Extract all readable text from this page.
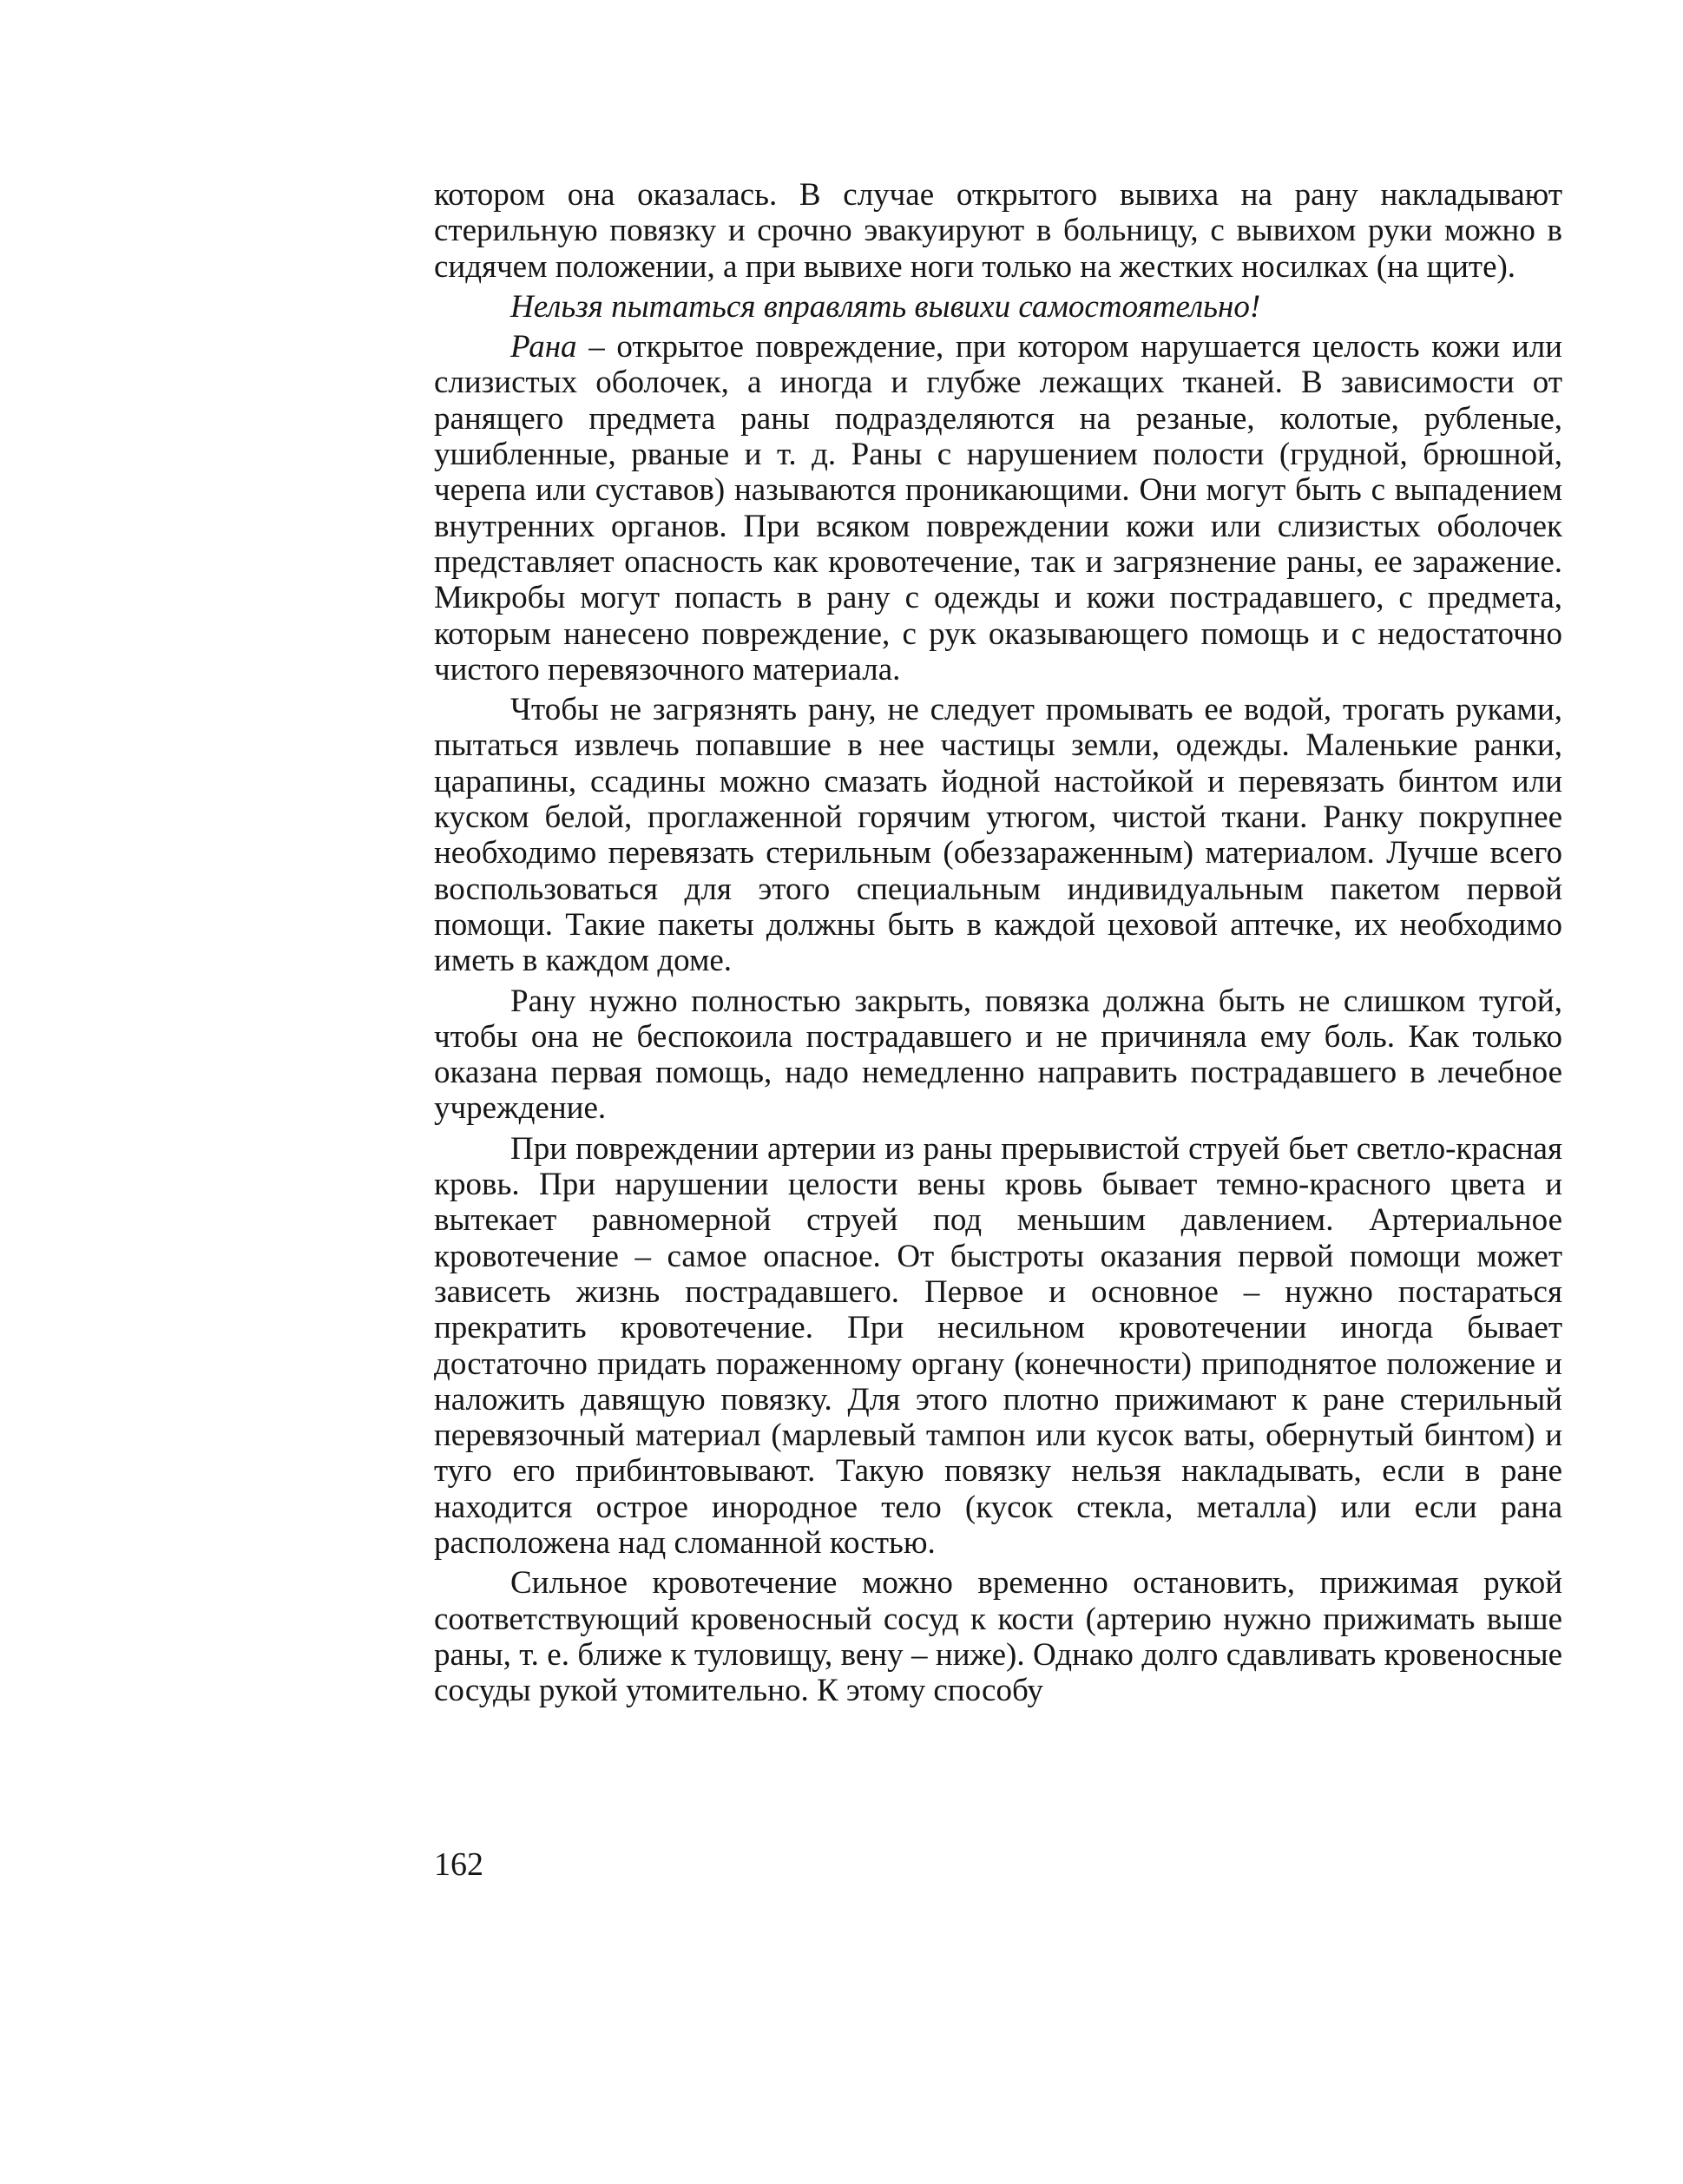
котором она оказалась. В случае открытого вывиха на рану накладывают стерильную повязку и срочно эвакуируют в больницу, с вывихом руки можно в сидячем положении, а при вывихе ноги только на жестких носилках (на щите).

Нельзя пытаться вправлять вывихи самостоятельно!

Рана – открытое повреждение, при котором нарушается целость кожи или слизистых оболочек, а иногда и глубже лежащих тканей. В зависимости от ранящего предмета раны подразделяются на резаные, колотые, рубленые, ушибленные, рваные и т. д. Раны с нарушением полости (грудной, брюшной, черепа или суставов) называются проникающими. Они могут быть с выпадением внутренних органов. При всяком повреждении кожи или слизистых оболочек представляет опасность как кровотечение, так и загрязнение раны, ее заражение. Микробы могут попасть в рану с одежды и кожи пострадавшего, с предмета, которым нанесено повреждение, с рук оказывающего помощь и с недостаточно чистого перевязочного материала.

Чтобы не загрязнять рану, не следует промывать ее водой, трогать руками, пытаться извлечь попавшие в нее частицы земли, одежды. Маленькие ранки, царапины, ссадины можно смазать йодной настойкой и перевязать бинтом или куском белой, проглаженной горячим утюгом, чистой ткани. Ранку покрупнее необходимо перевязать стерильным (обеззараженным) материалом. Лучше всего воспользоваться для этого специальным индивидуальным пакетом первой помощи. Такие пакеты должны быть в каждой цеховой аптечке, их необходимо иметь в каждом доме.

Рану нужно полностью закрыть, повязка должна быть не слишком тугой, чтобы она не беспокоила пострадавшего и не причиняла ему боль. Как только оказана первая помощь, надо немедленно направить пострадавшего в лечебное учреждение.

При повреждении артерии из раны прерывистой струей бьет светло-красная кровь. При нарушении целости вены кровь бывает темно-красного цвета и вытекает равномерной струей под меньшим давлением. Артериальное кровотечение – самое опасное. От быстроты оказания первой помощи может зависеть жизнь пострадавшего. Первое и основное – нужно постараться прекратить кровотечение. При несильном кровотечении иногда бывает достаточно придать пораженному органу (конечности) приподнятое положение и наложить давящую повязку. Для этого плотно прижимают к ране стерильный перевязочный материал (марлевый тампон или кусок ваты, обернутый бинтом) и туго его прибинтовывают. Такую повязку нельзя накладывать, если в ране находится острое инородное тело (кусок стекла, металла) или если рана расположена над сломанной костью.

Сильное кровотечение можно временно остановить, прижимая рукой соответствующий кровеносный сосуд к кости (артерию нужно прижимать выше раны, т. е. ближе к туловищу, вену – ниже). Однако долго сдавливать кровеносные сосуды рукой утомительно. К этому способу

162
